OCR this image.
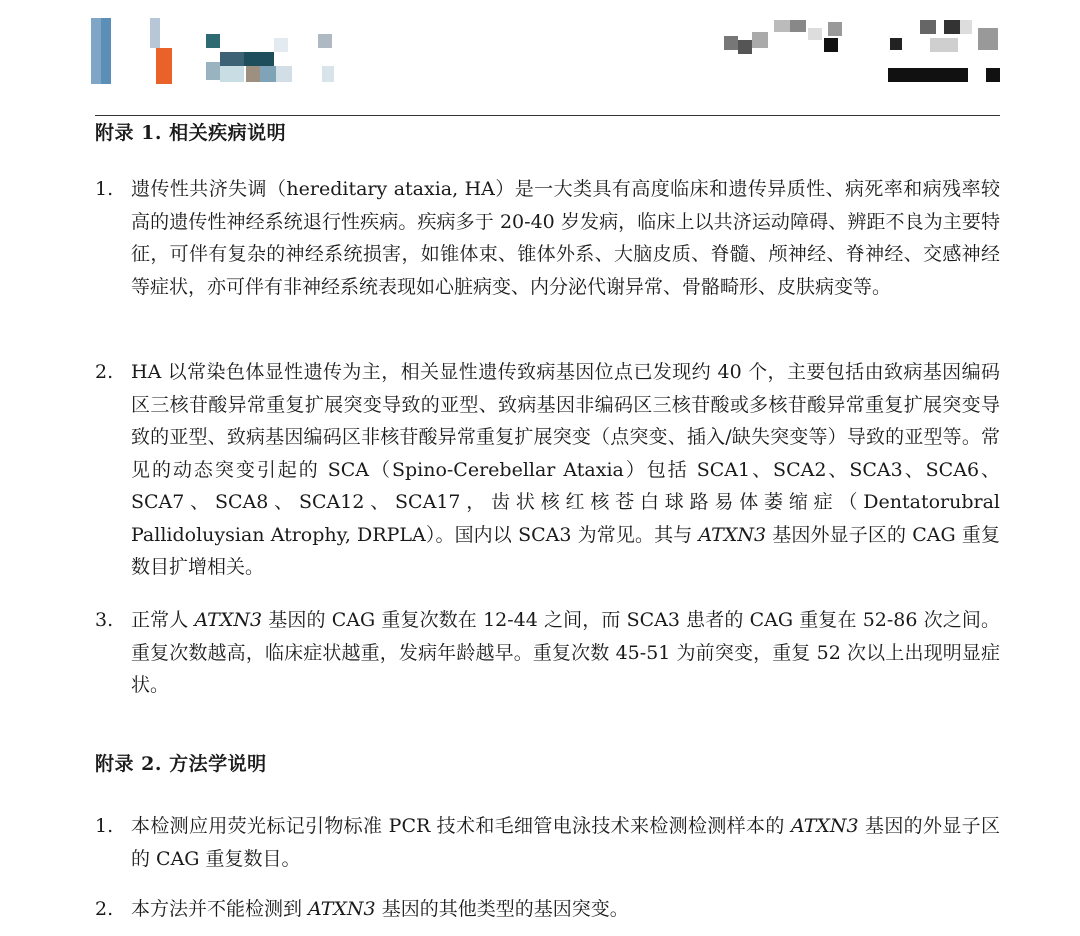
附录 1. 相关疾病说明
1. 遗传性共济失调（hereditary ataxia, HA）是一大类具有高度临床和遗传异质性、病死率和病残率较高的遗传性神经系统退行性疾病。疾病多于 20-40 岁发病，临床上以共济运动障碍、辨距不良为主要特征，可伴有复杂的神经系统损害，如锥体束、锥体外系、大脑皮质、脊髓、颅神经、脊神经、交感神经等症状，亦可伴有非神经系统表现如心脏病变、内分泌代谢异常、骨骼畸形、皮肤病变等。
2. HA 以常染色体显性遗传为主，相关显性遗传致病基因位点已发现约 40 个，主要包括由致病基因编码区三核苷酸异常重复扩展突变导致的亚型、致病基因非编码区三核苷酸或多核苷酸异常重复扩展突变导致的亚型、致病基因编码区非核苷酸异常重复扩展突变（点突变、插入/缺失突变等）导致的亚型等。常见的动态突变引起的 SCA（Spino-Cerebellar Ataxia）包括 SCA1、SCA2、SCA3、SCA6、SCA7、SCA8、SCA12、SCA17，齿状核红核苍白球路易体萎缩症（Dentatorubral Pallidoluysian Atrophy, DRPLA）。国内以 SCA3 为常见。其与 ATXN3 基因外显子区的 CAG 重复数目扩增相关。
3. 正常人 ATXN3 基因的 CAG 重复次数在 12-44 之间，而 SCA3 患者的 CAG 重复在 52-86 次之间。重复次数越高，临床症状越重，发病年龄越早。重复次数 45-51 为前突变，重复 52 次以上出现明显症状。
附录 2. 方法学说明
1. 本检测应用荧光标记引物标准 PCR 技术和毛细管电泳技术来检测检测样本的 ATXN3 基因的外显子区的 CAG 重复数目。
2. 本方法并不能检测到 ATXN3 基因的其他类型的基因突变。
